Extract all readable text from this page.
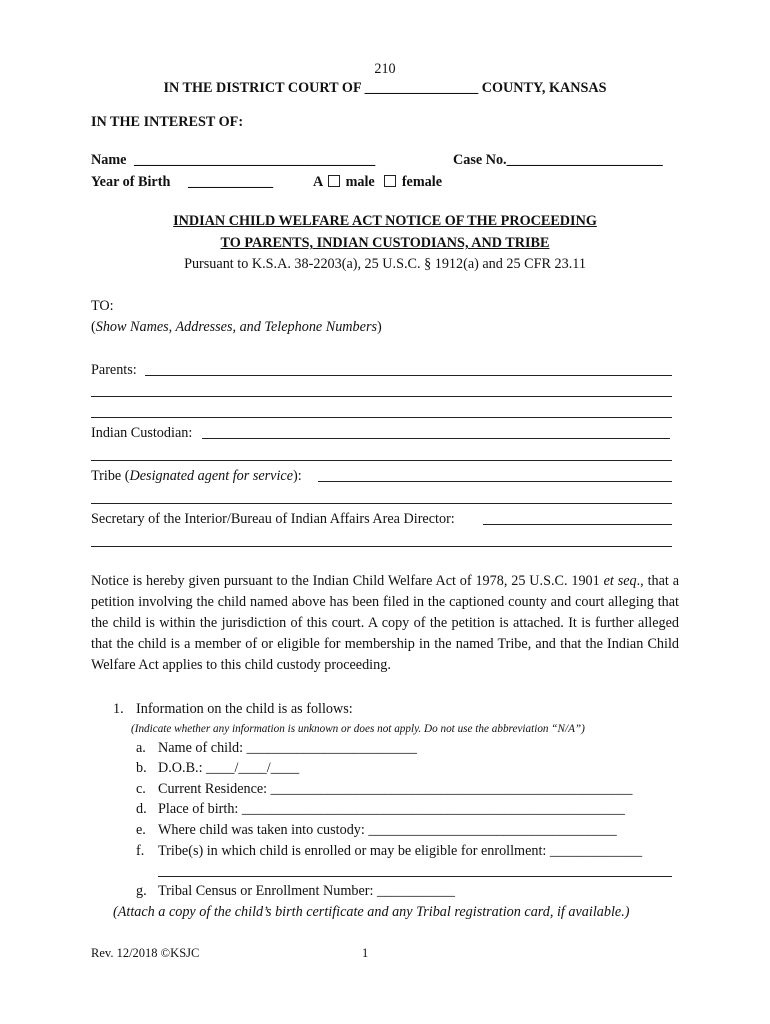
210
IN THE DISTRICT COURT OF ________________ COUNTY, KANSAS
IN THE INTEREST OF:
Name __________________________________	Case No.______________________
Year of Birth ____________	A male female
INDIAN CHILD WELFARE ACT NOTICE OF THE PROCEEDING
TO PARENTS, INDIAN CUSTODIANS, AND TRIBE
Pursuant to K.S.A. 38-2203(a), 25 U.S.C. § 1912(a) and 25 CFR 23.11
TO:
(Show Names, Addresses, and Telephone Numbers)
Parents:
Indian Custodian:
Tribe (Designated agent for service):
Secretary of the Interior/Bureau of Indian Affairs Area Director:
Notice is hereby given pursuant to the Indian Child Welfare Act of 1978, 25 U.S.C. 1901 et seq., that a petition involving the child named above has been filed in the captioned county and court alleging that the child is within the jurisdiction of this court. A copy of the petition is attached. It is further alleged that the child is a member of or eligible for membership in the named Tribe, and that the Indian Child Welfare Act applies to this child custody proceeding.
1. Information on the child is as follows:
(Indicate whether any information is unknown or does not apply. Do not use the abbreviation “N/A”)
a. Name of child: ________________________
b. D.O.B.: ____/____/____
c. Current Residence: ___________________________________________________
d. Place of birth: ______________________________________________________
e. Where child was taken into custody: ___________________________________
f. Tribe(s) in which child is enrolled or may be eligible for enrollment: _____________
g. Tribal Census or Enrollment Number: ___________
(Attach a copy of the child’s birth certificate and any Tribal registration card, if available.)
Rev. 12/2018 ©KSJC	1
